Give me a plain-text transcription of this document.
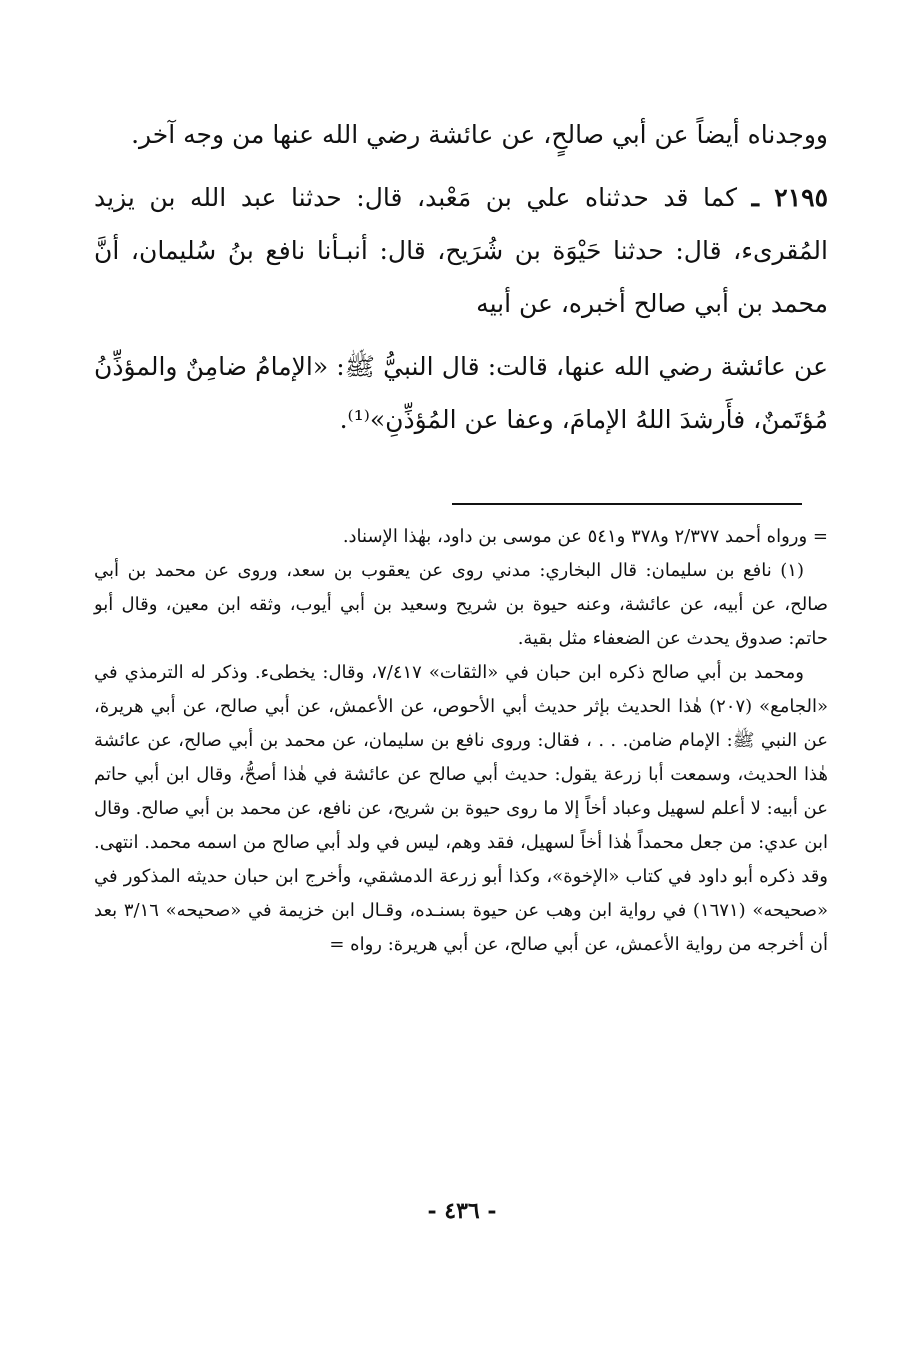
ووجدناه أيضاً عن أبي صالحٍ، عن عائشة رضي الله عنها من وجه آخر.

٢١٩٥ ـ كما قد حدثناه علي بن مَعْبد، قال: حدثنا عبد الله بن يزيد المُقرىء، قال: حدثنا حَيْوَة بن شُرَيح، قال: أنبـأنا نافع بنُ سُليمان، أنَّ محمد بن أبي صالح أخبره، عن أبيه

عن عائشة رضي الله عنها، قالت: قال النبيُّ ﷺ: «الإمامُ ضامِنٌ والمؤذِّنُ مُؤتَمنٌ، فأَرشدَ اللهُ الإمامَ، وعفا عن المُؤذِّنِ»⁽¹⁾.

= ورواه أحمد ٢/٣٧٧ و٣٧٨ و٥٤١ عن موسى بن داود، بهٰذا الإسناد.

(١) نافع بن سليمان: قال البخاري: مدني روى عن يعقوب بن سعد، وروى عن محمد بن أبي صالح، عن أبيه، عن عائشة، وعنه حيوة بن شريح وسعيد بن أبي أيوب، وثقه ابن معين، وقال أبو حاتم: صدوق يحدث عن الضعفاء مثل بقية.

ومحمد بن أبي صالح ذكره ابن حبان في «الثقات» ٧/٤١٧، وقال: يخطىء. وذكر له الترمذي في «الجامع» (٢٠٧) هٰذا الحديث بإثر حديث أبي الأحوص، عن الأعمش، عن أبي صالح، عن أبي هريرة، عن النبي ﷺ: الإمام ضامن. . . ، فقال: وروى نافع بن سليمان، عن محمد بن أبي صالح، عن عائشة هٰذا الحديث، وسمعت أبا زرعة يقول: حديث أبي صالح عن عائشة في هٰذا أصحُّ، وقال ابن أبي حاتم عن أبيه: لا أعلم لسهيل وعباد أخاً إلا ما روى حيوة بن شريح، عن نافع، عن محمد بن أبي صالح. وقال ابن عدي: من جعل محمداً هٰذا أخاً لسهيل، فقد وهم، ليس في ولد أبي صالح من اسمه محمد. انتهى. وقد ذكره أبو داود في كتاب «الإخوة»، وكذا أبو زرعة الدمشقي، وأخرج ابن حبان حديثه المذكور في «صحيحه» (١٦٧١) في رواية ابن وهب عن حيوة بسنـده، وقـال ابن خزيمة في «صحيحه» ٣/١٦ بعد أن أخرجه من رواية الأعمش، عن أبي صالح، عن أبي هريرة: رواه =

- ٤٣٦ -
